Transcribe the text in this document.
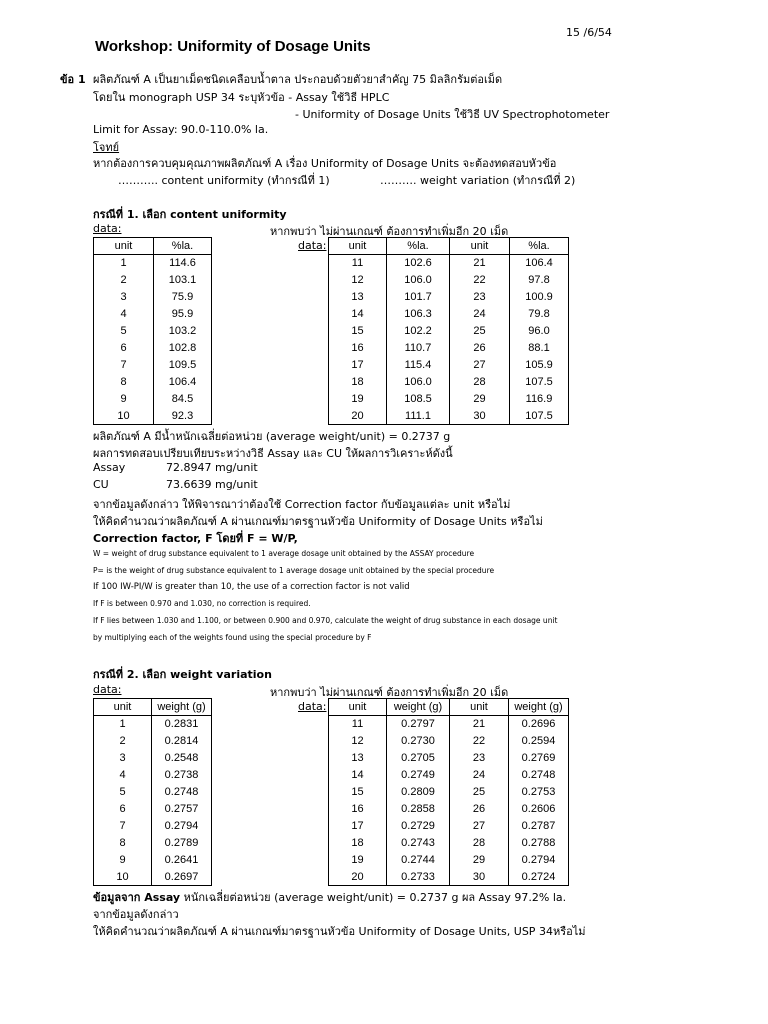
15 /6/54
Workshop: Uniformity of Dosage Units
ข้อ 1 ผลิตภัณฑ์ A เป็นยาเม็ดชนิดเคลือบน้ำตาล ประกอบด้วยตัวยาสำคัญ 75 มิลลิกรัมต่อเม็ด
โดยใน monograph USP 34 ระบุหัวข้อ - Assay ใช้วิธี HPLC
- Uniformity of Dosage Units ใช้วิธี UV Spectrophotometer
Limit for Assay: 90.0-110.0% la.
โจทย์
หากต้องการควบคุมคุณภาพผลิตภัณฑ์ A เรื่อง Uniformity of Dosage Units จะต้องทดสอบหัวข้อ
……….. content uniformity (ทำกรณีที่ 1)	………. weight variation (ทำกรณีที่ 2)
กรณีที่ 1. เลือก content uniformity
data:	หากพบว่า ไม่ผ่านเกณฑ์ ต้องการทำเพิ่มอีก 20 เม็ด
data:
unit	%la.
1	114.6
2	103.1
3	75.9
4	95.9
5	103.2
6	102.8
7	109.5
8	106.4
9	84.5
10	92.3
unit	%la.	unit	%la.
11	102.6	21	106.4
12	106.0	22	97.8
13	101.7	23	100.9
14	106.3	24	79.8
15	102.2	25	96.0
16	110.7	26	88.1
17	115.4	27	105.9
18	106.0	28	107.5
19	108.5	29	116.9
20	111.1	30	107.5
ผลิตภัณฑ์ A มีน้ำหนักเฉลี่ยต่อหน่วย (average weight/unit) = 0.2737 g
ผลการทดสอบเปรียบเทียบระหว่างวิธี Assay และ CU ให้ผลการวิเคราะห์ดังนี้
Assay	72.8947 mg/unit
CU	73.6639 mg/unit
จากข้อมูลดังกล่าว ให้พิจารณาว่าต้องใช้ Correction factor กับข้อมูลแต่ละ unit หรือไม่
ให้คิดคำนวณว่าผลิตภัณฑ์ A ผ่านเกณฑ์มาตรฐานหัวข้อ Uniformity of Dosage Units หรือไม่
Correction factor, F โดยที่ F = W/P,
W = weight of drug substance equivalent to 1 average dosage unit obtained by the ASSAY procedure
P= is the weight of drug substance equivalent to 1 average dosage unit obtained by the special procedure
If 100 IW-PI/W is greater than 10, the use of a correction factor is not valid
If F is between 0.970 and 1.030, no correction is required.
If F lies between 1.030 and 1.100, or between 0.900 and 0.970, calculate the weight of drug substance in each dosage unit
by multiplying each of the weights found using the special procedure by F
กรณีที่ 2. เลือก weight variation
data:	หากพบว่า ไม่ผ่านเกณฑ์ ต้องการทำเพิ่มอีก 20 เม็ด
data:
unit	weight (g)
1	0.2831
2	0.2814
3	0.2548
4	0.2738
5	0.2748
6	0.2757
7	0.2794
8	0.2789
9	0.2641
10	0.2697
unit	weight (g)	unit	weight (g)
11	0.2797	21	0.2696
12	0.2730	22	0.2594
13	0.2705	23	0.2769
14	0.2749	24	0.2748
15	0.2809	25	0.2753
16	0.2858	26	0.2606
17	0.2729	27	0.2787
18	0.2743	28	0.2788
19	0.2744	29	0.2794
20	0.2733	30	0.2724
ข้อมูลจาก Assay หนักเฉลี่ยต่อหน่วย (average weight/unit) = 0.2737 g ผล Assay 97.2% la.
จากข้อมูลดังกล่าว
ให้คิดคำนวณว่าผลิตภัณฑ์ A ผ่านเกณฑ์มาตรฐานหัวข้อ Uniformity of Dosage Units, USP 34หรือไม่
